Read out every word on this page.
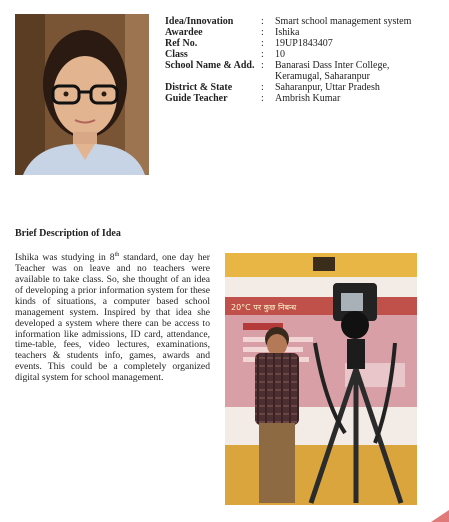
Idea/Innovation	:	Smart school management system
Awardee	:	Ishika
Ref No.	:	19UP1843407
Class	:	10
School Name & Add. :	Banarasi Dass Inter College, Keramugal, Saharanpur
District & State	:	Saharanpur, Uttar Pradesh
Guide Teacher	:	Ambrish Kumar
Brief Description of Idea
Ishika was studying in 8th standard, one day her Teacher was on leave and no teachers were available to take class. So, she thought of an idea of developing a prior information system for these kinds of situations, a computer based school management system. Inspired by that idea she developed a system where there can be access to information like admissions, ID card, attendance, time-table, fees, video lectures, examinations, teachers & students info, games, awards and events. This could be a completely organized digital system for school management.
20°C पर कुछ निबन्ध
